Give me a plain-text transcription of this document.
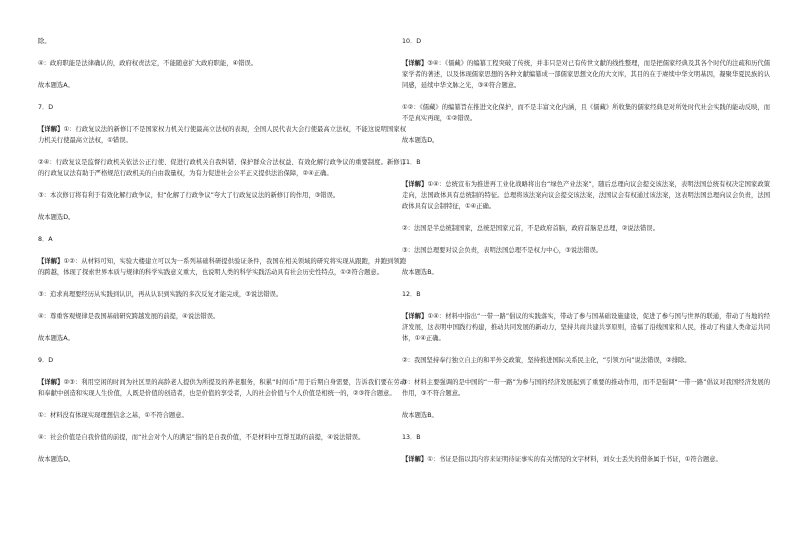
除。

④：政府职能是法律确认的，政府权责法定，不能随意扩大政府职能，④错误。

故本题选A。

7．D

【详解】①：行政复议法的新修订不是国家权力机关行使最高立法权的表现，全国人民代表大会行使最高立法权，不能这说明国家权力机关行使最高立法权，①错误。

②④：行政复议是监督行政机关依法公正行使、促进行政机关自我纠错、保护群众合法权益、有效化解行政争议的重要制度。新修订的行政复议法有助于严格规范行政机关的自由裁量权，为有力促进社会公平正义提供法治保障，②④正确。

③：本次修订将有利于有效化解行政争议，但“化解了行政争议”夸大了行政复议法的新修订的作用，③错误。

故本题选D。

8．A

【详解】①②：从材料可知，实验大楼建立可以为一系列基础科研提供验证条件，我国在相关领域的研究将实现从跟跑，并跑到领跑的跨越，体现了探索世界本质与规律的科学实践意义重大，也说明人类的科学实践活动具有社会历史性特点，①②符合题意。

③：追求真理要经历从实践到认识，再从认识到实践的多次反复才能完成，③说法错误。

④：尊重客观规律是我国基础研究跨越发展的前提，④说法错误。

故本题选A。

9．D

【详解】②③：利用空闲的时间为社区里的高龄老人提供为所提及的养老服务，积累“时间币”用于后期自身需要，告诉我们要在劳动和奉献中创造和实现人生价值，人既是价值的创造者，也是价值的享受者，人的社会价值与个人价值是相统一的，②③符合题意。

①：材料没有体现实现理想信念之基，①不符合题意。

④：社会价值是自我价值的前提，而“社会对个人的满足”指的是自我价值，不是材料中互帮互助的前提，④说法错误。

故本题选D。

10．D

【详解】③④：《儒藏》的编纂工程突破了传统，并非只是对已有传世文献的线性整理，而是把儒家经典及其各个时代的注疏和历代儒家学者的著述，以及体现儒家思想的各种文献编纂成一部儒家思想文化的大文库，其目的在于赓续中华文明基因，凝聚华夏民族的认同感，延续中华文脉之光，③④符合题意。

①②：《儒藏》的编纂旨在推进文化保护，而不是丰富文化内涵，且《儒藏》所收集的儒家经典是对所处时代社会实践的能动反映，而不是真实再现，①②错误。

故本题选D。

11．B

【详解】①④：总统宣布为推进再工业化战略将出台“绿色产业法案”，随后总理向议会提交该法案，表明法国总统有权决定国家政策走向，法国政体具有总统制的特征。总理将该法案向议会提交该法案，法国议会有权通过该法案，这表明法国总理向议会负责，法国政体具有议会制特征，①④正确。

②：法国是半总统制国家，总统是国家元首，不是政府首脑，政府首脑是总理，②说法错误。

③：法国总理要对议会负责，表明法国总理不是权力中心，③说法错误。

故本题选B。

12．B

【详解】①④：材料中指出“一带一路”倡议的实践落实，带动了参与国基础设施建设，促进了参与国与世界的联通，带动了当地的经济发展，这表明中国践行构建，推动共同发展的新动力，坚持共商共建共享原则，造福了沿线国家和人民，推动了构建人类命运共同体，①④正确。

②：我国坚持奉行独立自主的和平外交政策，坚持推进国际关系民主化，“引领方向”说法错误，②排除。

③：材料主要强调的是中国的“一带一路”为参与国的经济发展起到了重要的推动作用，而不是强调“一带一路”倡议对我国经济发展的作用，③不符合题意。

故本题选B。

13．B

【详解】①：书证是指以其内容来证明待证事实的有关情况的文字材料，刘女士丢失的借条属于书证，①符合题意。
